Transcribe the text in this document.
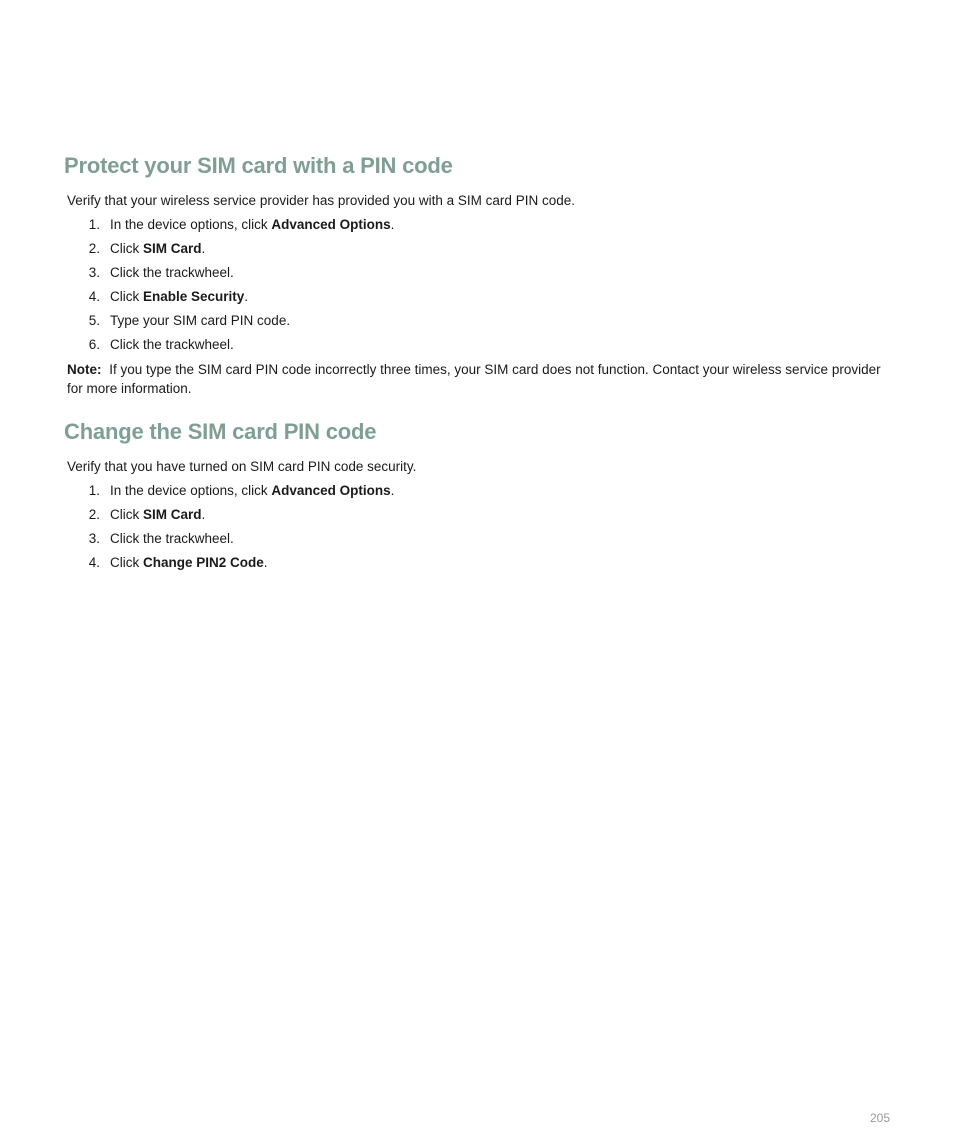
Protect your SIM card with a PIN code

Verify that your wireless service provider has provided you with a SIM card PIN code.

1. In the device options, click Advanced Options.
2. Click SIM Card.
3. Click the trackwheel.
4. Click Enable Security.
5. Type your SIM card PIN code.
6. Click the trackwheel.

Note: If you type the SIM card PIN code incorrectly three times, your SIM card does not function. Contact your wireless service provider for more information.

Change the SIM card PIN code

Verify that you have turned on SIM card PIN code security.

1. In the device options, click Advanced Options.
2. Click SIM Card.
3. Click the trackwheel.
4. Click Change PIN2 Code.
205
